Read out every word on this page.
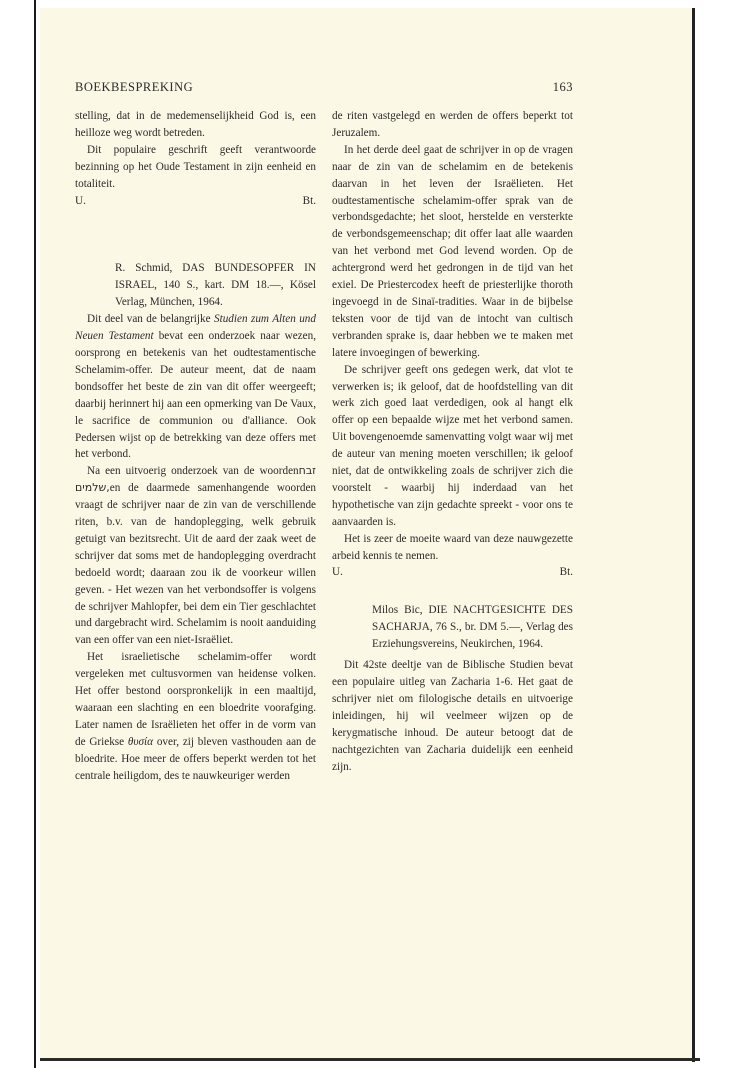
BOEKBESPREKING	163

stelling, dat in de medemenselijkheid God is, een heilloze weg wordt betreden.

Dit populaire geschrift geeft verantwoorde bezinning op het Oude Testament in zijn eenheid en totaliteit.

U.	Bt.

R. Schmid, DAS BUNDESOPFER IN ISRAEL, 140 S., kart. DM 18.—, Kösel Verlag, München, 1964.

Dit deel van de belangrijke Studien zum Alten und Neuen Testament bevat een onderzoek naar wezen, oorsprong en betekenis van het oudtestamentische Schelamim-offer. De auteur meent, dat de naam bondsoffer het beste de zin van dit offer weergeeft; daarbij herinnert hij aan een opmerking van De Vaux, le sacrifice de communion ou d'alliance. Ook Pedersen wijst op de betrekking van deze offers met het verbond.

Na een uitvoerig onderzoek van de woordenזבח ,שלמיםen de daarmede samenhangende woorden vraagt de schrijver naar de zin van de verschillende riten, b.v. van de handoplegging, welk gebruik getuigt van bezitsrecht. Uit de aard der zaak weet de schrijver dat soms met de handoplegging overdracht bedoeld wordt; daaraan zou ik de voorkeur willen geven. - Het wezen van het verbondsoffer is volgens de schrijver Mahlopfer, bei dem ein Tier geschlachtet und dargebracht wird. Schelamim is nooit aanduiding van een offer van een niet-Israëliet.

Het israelietische schelamim-offer wordt vergeleken met cultusvormen van heidense volken. Het offer bestond oorspronkelijk in een maaltijd, waaraan een slachting en een bloedrite voorafging. Later namen de Israëlieten het offer in de vorm van de Griekse θυσία over, zij bleven vasthouden aan de bloedrite. Hoe meer de offers beperkt werden tot het centrale heiligdom, des te nauwkeuriger werden

de riten vastgelegd en werden de offers beperkt tot Jeruzalem.

In het derde deel gaat de schrijver in op de vragen naar de zin van de schelamim en de betekenis daarvan in het leven der Israëlieten. Het oudtestamentische schelamim-offer sprak van de verbondsgedachte; het sloot, herstelde en versterkte de verbondsgemeenschap; dit offer laat alle waarden van het verbond met God levend worden. Op de achtergrond werd het gedrongen in de tijd van het exiel. De Priestercodex heeft de priesterlijke thoroth ingevoegd in de Sinaï-tradities. Waar in de bijbelse teksten voor de tijd van de intocht van cultisch verbranden sprake is, daar hebben we te maken met latere invoegingen of bewerking.

De schrijver geeft ons gedegen werk, dat vlot te verwerken is; ik geloof, dat de hoofdstelling van dit werk zich goed laat verdedigen, ook al hangt elk offer op een bepaalde wijze met het verbond samen. Uit bovengenoemde samenvatting volgt waar wij met de auteur van mening moeten verschillen; ik geloof niet, dat de ontwikkeling zoals de schrijver zich die voorstelt - waarbij hij inderdaad van het hypothetische van zijn gedachte spreekt - voor ons te aanvaarden is.

Het is zeer de moeite waard van deze nauwgezette arbeid kennis te nemen.

U.	Bt.

Milos Bic, DIE NACHTGESICHTE DES SACHARJA, 76 S., br. DM 5.—, Verlag des Erziehungsvereins, Neukirchen, 1964.

Dit 42ste deeltje van de Biblische Studien bevat een populaire uitleg van Zacharia 1-6. Het gaat de schrijver niet om filologische details en uitvoerige inleidingen, hij wil veelmeer wijzen op de kerygmatische inhoud. De auteur betoogt dat de nachtgezichten van Zacharia duidelijk een eenheid zijn.
